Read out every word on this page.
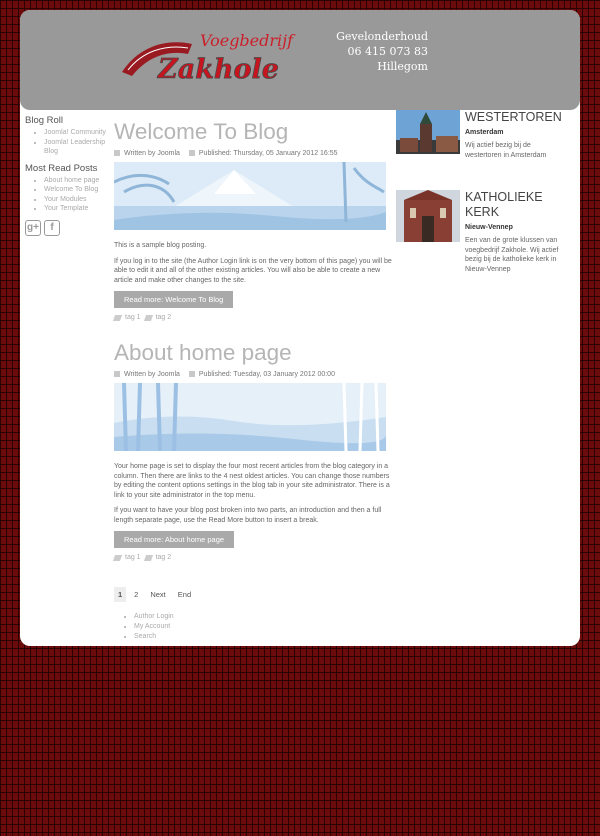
Voegbedrijf
Zakhole
Gevelonderhoud
06 415 073 83
Hillegom
Blog Roll
• Joomla! Community
• Joomla! Leadership Blog
Most Read Posts
• About home page
• Welcome To Blog
• Your Modules
• Your Template
g+	f
Welcome To Blog
Written by Joomla	Published: Thursday, 05 January 2012 16:55

This is a sample blog posting.

If you log in to the site (the Author Login link is on the very bottom of this page) you will be able to edit it and all of the other existing articles. You will also be able to create a new article and make other changes to the site.

Read more: Welcome To Blog
tag 1 tag 2
About home page
Written by Joomla	Published: Tuesday, 03 January 2012 00:00

Your home page is set to display the four most recent articles from the blog category in a column. Then there are links to the 4 nest oldest articles. You can change those numbers by editing the content options settings in the blog tab in your site administrator. There is a link to your site administrator in the top menu.

If you want to have your blog post broken into two parts, an introduction and then a full length separate page, use the Read More button to insert a break.

Read more: About home page
tag 1 tag 2
1	2	Next	End
• Author Login
• My Account
• Search
WESTERTOREN
Amsterdam
Wij actief bezig bij de westertoren in Amsterdam
KATHOLIEKE KERK
Nieuw-Vennep
Een van de grote klussen van voegbedrijf Zakhole. Wij actief bezig bij de katholieke kerk in Nieuw-Vennep
